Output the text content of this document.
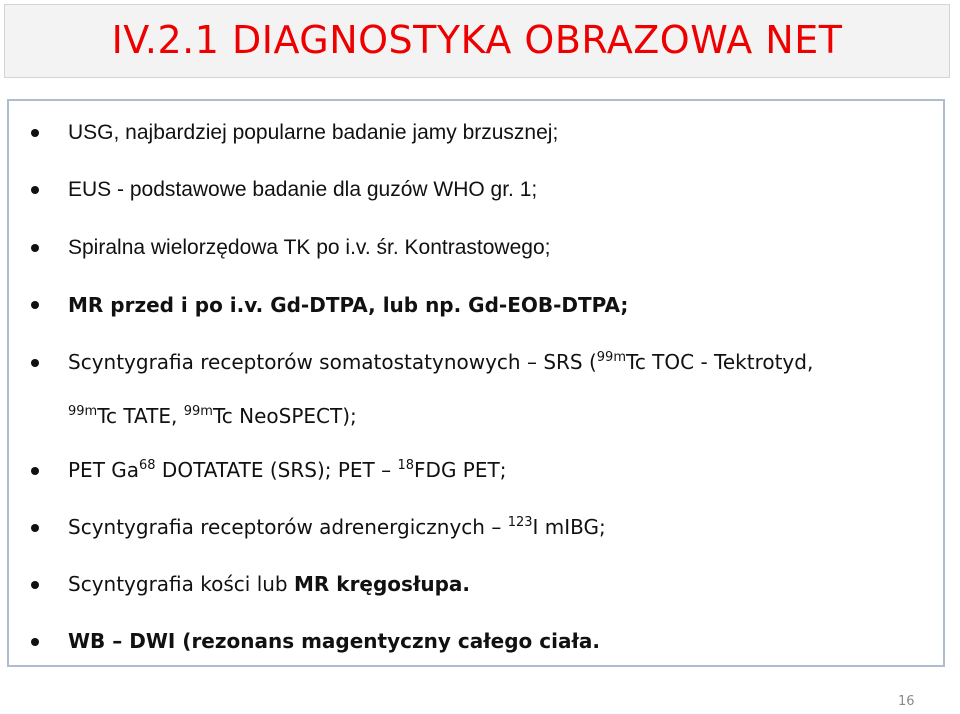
IV.2.1 DIAGNOSTYKA OBRAZOWA NET
USG, najbardziej popularne badanie jamy brzusznej;
EUS - podstawowe badanie dla guzów WHO gr. 1;
Spiralna wielorzędowa TK po i.v. śr. Kontrastowego;
MR przed i po i.v. Gd-DTPA, lub np. Gd-EOB-DTPA;
Scyntygrafia receptorów somatostatynowych – SRS ($^{99m}$Tc TOC - Tektrotyd,
$^{99m}$Tc TATE, $^{99m}$Tc NeoSPECT);
PET Ga$^{68}$ DOTATATE (SRS); PET – $^{18}$FDG PET;
Scyntygrafia receptorów adrenergicznych – $^{123}$I mIBG;
Scyntygrafia kości lub MR kręgosłupa.
WB – DWI (rezonans magentyczny całego ciała.
16
